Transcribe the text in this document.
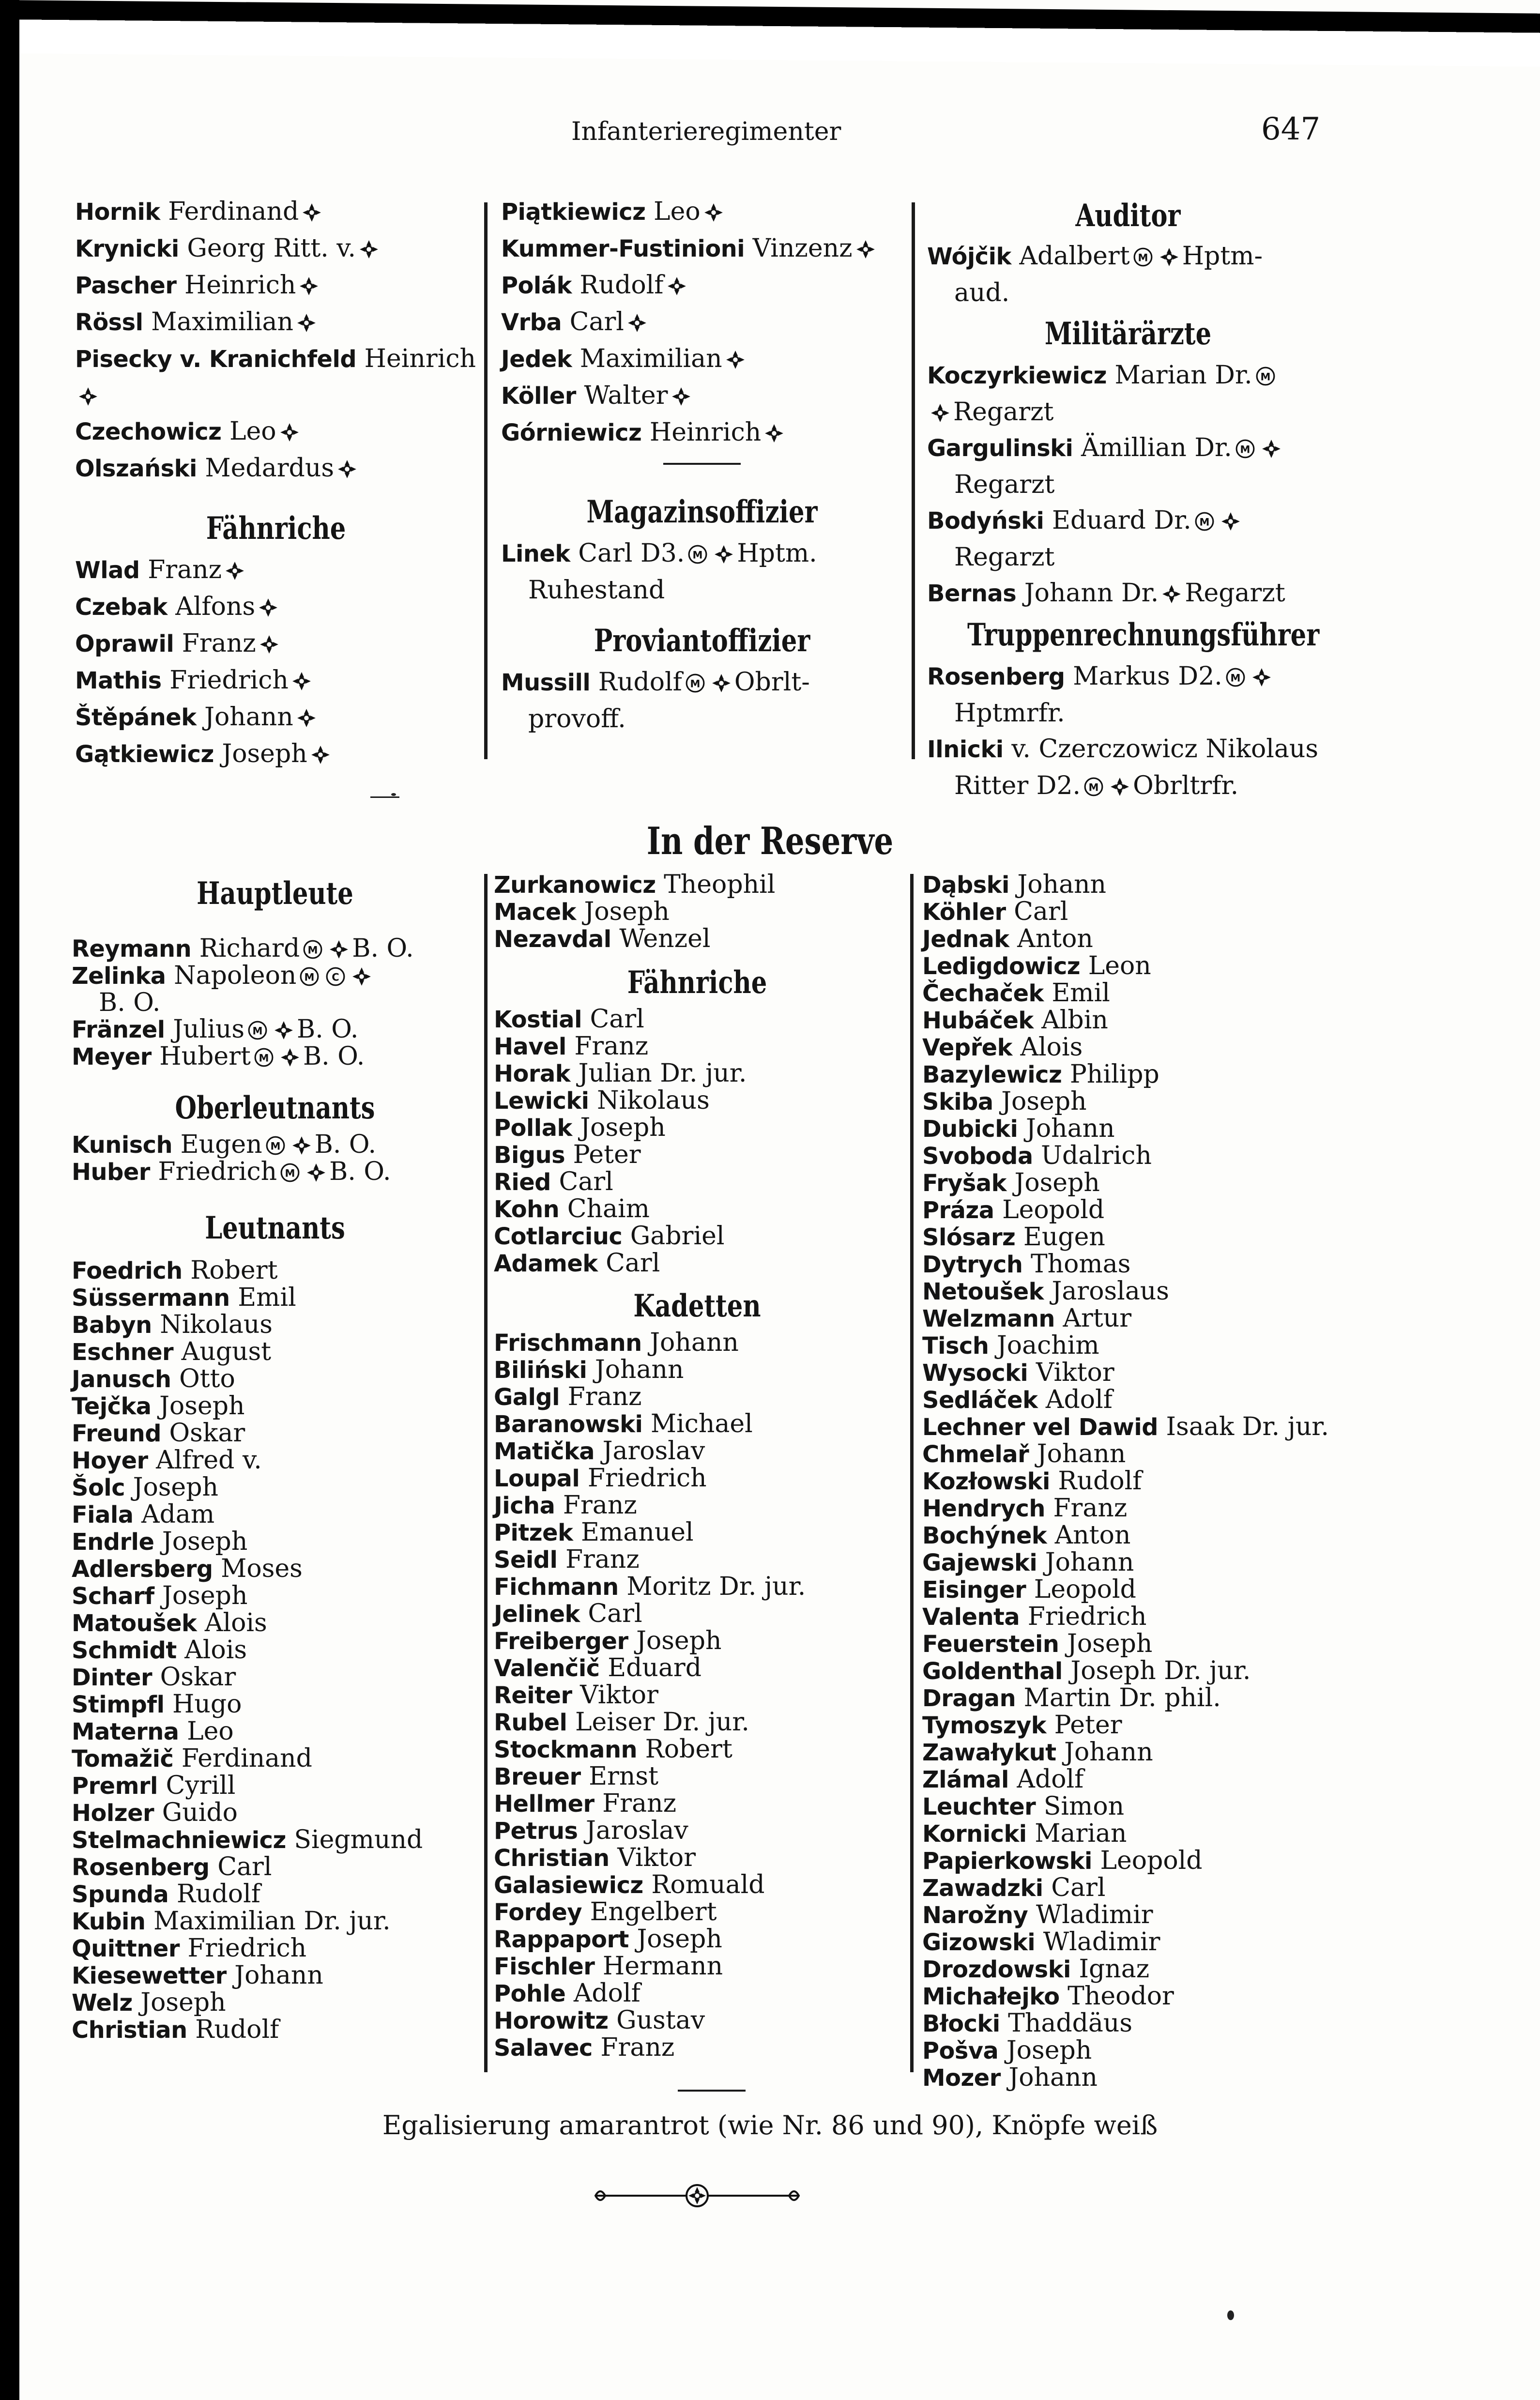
Infanterieregimenter	647
Hornik Ferdinand
Krynicki Georg Ritt. v.
Pascher Heinrich
Rössl Maximilian
Pisecky v. Kranichfeld Heinrich
Czechowicz Leo
Olszański Medardus
Fähnriche
Wlad Franz
Czebak Alfons
Oprawil Franz
Mathis Friedrich
Štěpánek Johann
Gątkiewicz Joseph
Piątkiewicz Leo
Kummer-Fustinioni Vinzenz
Polák Rudolf
Vrba Carl
Jedek Maximilian
Köller Walter
Górniewicz Heinrich
Magazinsoffizier
Linek Carl D3. Hptm.
Ruhestand
Proviantoffizier
Mussill Rudolf Obrlt-
provoff.
Auditor
Wójčik Adalbert Hptm-
aud.
Militärärzte
Koczyrkiewicz Marian Dr.
Regarzt
Gargulinski Ämillian Dr.
Regarzt
Bodyński Eduard Dr.
Regarzt
Bernas Johann Dr. Regarzt
Truppenrechnungsführer
Rosenberg Markus D2.
Hptmrfr.
Ilnicki v. Czerczowicz Nikolaus
Ritter D2. Obrltrfr.
In der Reserve
Hauptleute
Reymann Richard B. O.
Zelinka Napoleon
B. O.
Fränzel Julius B. O.
Meyer Hubert B. O.
Oberleutnants
Kunisch Eugen B. O.
Huber Friedrich B. O.
Leutnants
Foedrich Robert
Süssermann Emil
Babyn Nikolaus
Eschner August
Janusch Otto
Tejčka Joseph
Freund Oskar
Hoyer Alfred v.
Šolc Joseph
Fiala Adam
Endrle Joseph
Adlersberg Moses
Scharf Joseph
Matoušek Alois
Schmidt Alois
Dinter Oskar
Stimpfl Hugo
Materna Leo
Tomažič Ferdinand
Premrl Cyrill
Holzer Guido
Stelmachniewicz Siegmund
Rosenberg Carl
Spunda Rudolf
Kubin Maximilian Dr. jur.
Quittner Friedrich
Kiesewetter Johann
Welz Joseph
Christian Rudolf
Zurkanowicz Theophil
Macek Joseph
Nezavdal Wenzel
Fähnriche
Kostial Carl
Havel Franz
Horak Julian Dr. jur.
Lewicki Nikolaus
Pollak Joseph
Bigus Peter
Ried Carl
Kohn Chaim
Cotlarciuc Gabriel
Adamek Carl
Kadetten
Frischmann Johann
Biliński Johann
Galgl Franz
Baranowski Michael
Matička Jaroslav
Loupal Friedrich
Jicha Franz
Pitzek Emanuel
Seidl Franz
Fichmann Moritz Dr. jur.
Jelinek Carl
Freiberger Joseph
Valenčič Eduard
Reiter Viktor
Rubel Leiser Dr. jur.
Stockmann Robert
Breuer Ernst
Hellmer Franz
Petrus Jaroslav
Christian Viktor
Galasiewicz Romuald
Fordey Engelbert
Rappaport Joseph
Fischler Hermann
Pohle Adolf
Horowitz Gustav
Salavec Franz
Dąbski Johann
Köhler Carl
Jednak Anton
Ledigdowicz Leon
Čechaček Emil
Hubáček Albin
Vepřek Alois
Bazylewicz Philipp
Skiba Joseph
Dubicki Johann
Svoboda Udalrich
Fryšak Joseph
Práza Leopold
Slósarz Eugen
Dytrych Thomas
Netoušek Jaroslaus
Welzmann Artur
Tisch Joachim
Wysocki Viktor
Sedláček Adolf
Lechner vel Dawid Isaak Dr. jur.
Chmelař Johann
Kozłowski Rudolf
Hendrych Franz
Bochýnek Anton
Gajewski Johann
Eisinger Leopold
Valenta Friedrich
Feuerstein Joseph
Goldenthal Joseph Dr. jur.
Dragan Martin Dr. phil.
Tymoszyk Peter
Zawałykut Johann
Zlámal Adolf
Leuchter Simon
Kornicki Marian
Papierkowski Leopold
Zawadzki Carl
Narožny Wladimir
Gizowski Wladimir
Drozdowski Ignaz
Michałejko Theodor
Błocki Thaddäus
Pošva Joseph
Mozer Johann
Egalisierung amarantrot (wie Nr. 86 und 90), Knöpfe weiß
